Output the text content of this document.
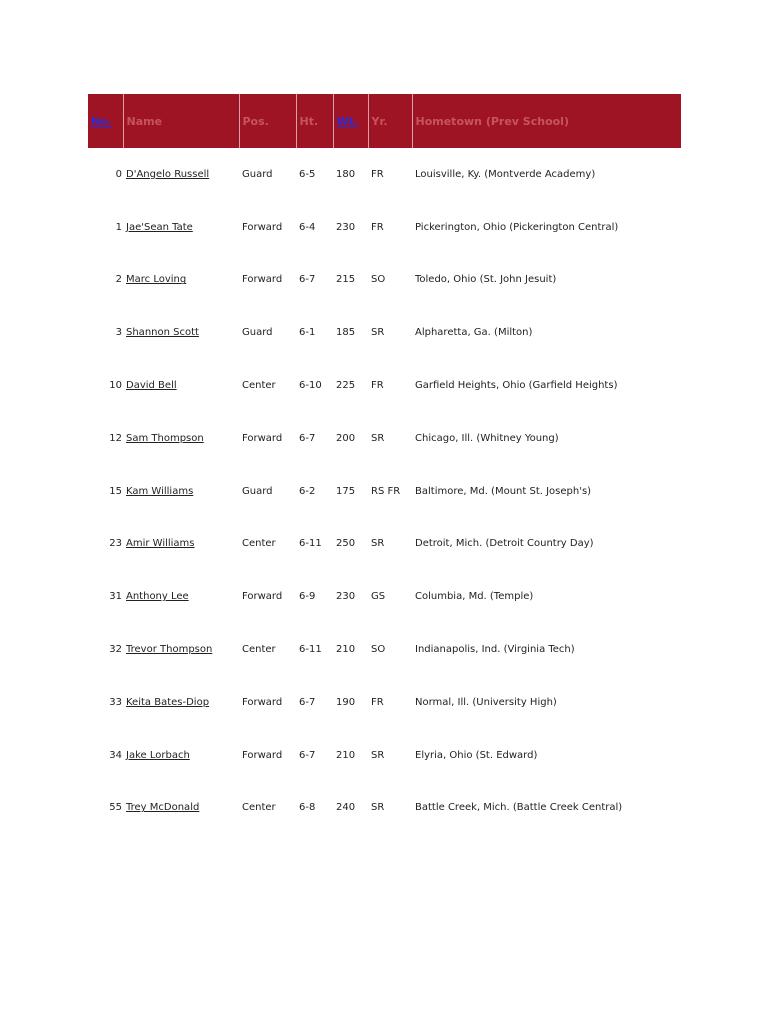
No.	Name	Pos.	Ht.	Wt.	Yr.	Hometown (Prev School)
0	D'Angelo Russell	Guard	6-5	180	FR	Louisville, Ky. (Montverde Academy)
1	Jae'Sean Tate	Forward	6-4	230	FR	Pickerington, Ohio (Pickerington Central)
2	Marc Loving	Forward	6-7	215	SO	Toledo, Ohio (St. John Jesuit)
3	Shannon Scott	Guard	6-1	185	SR	Alpharetta, Ga. (Milton)
10	David Bell	Center	6-10	225	FR	Garfield Heights, Ohio (Garfield Heights)
12	Sam Thompson	Forward	6-7	200	SR	Chicago, Ill. (Whitney Young)
15	Kam Williams	Guard	6-2	175	RS FR	Baltimore, Md. (Mount St. Joseph's)
23	Amir Williams	Center	6-11	250	SR	Detroit, Mich. (Detroit Country Day)
31	Anthony Lee	Forward	6-9	230	GS	Columbia, Md. (Temple)
32	Trevor Thompson	Center	6-11	210	SO	Indianapolis, Ind. (Virginia Tech)
33	Keita Bates-Diop	Forward	6-7	190	FR	Normal, Ill. (University High)
34	Jake Lorbach	Forward	6-7	210	SR	Elyria, Ohio (St. Edward)
55	Trey McDonald	Center	6-8	240	SR	Battle Creek, Mich. (Battle Creek Central)
